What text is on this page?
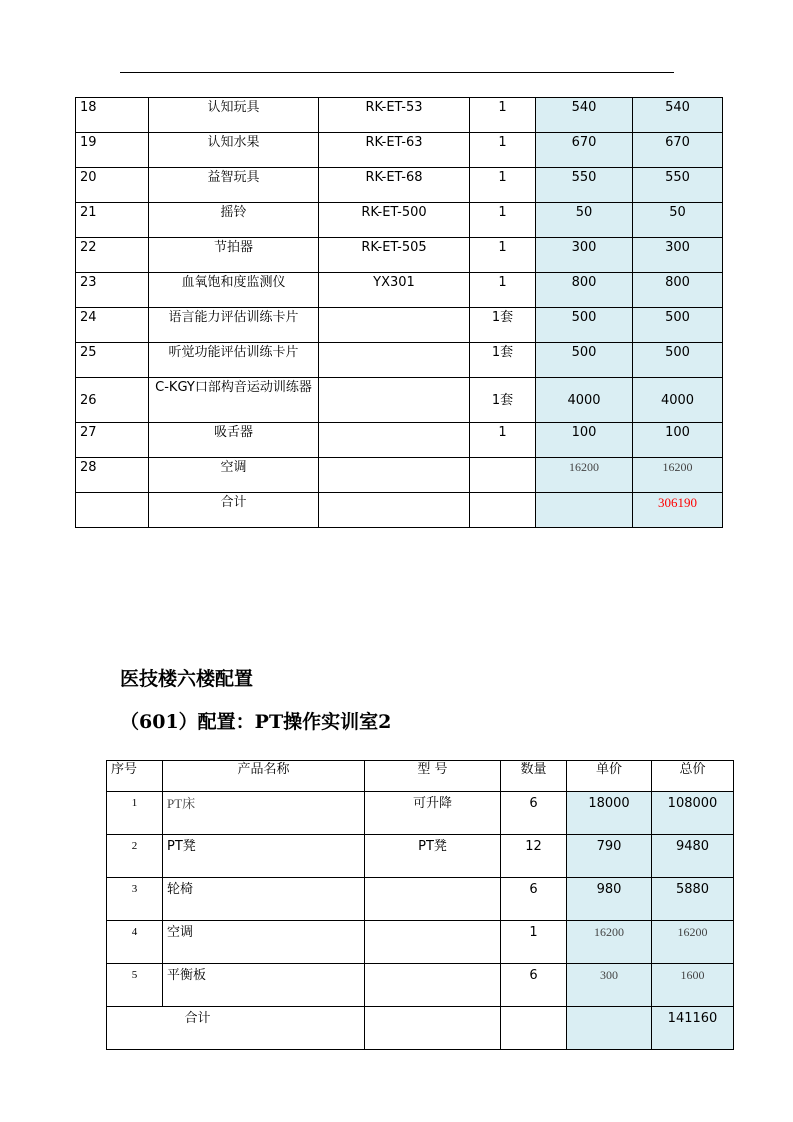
18	认知玩具	RK-ET-53	1	540	540
19	认知水果	RK-ET-63	1	670	670
20	益智玩具	RK-ET-68	1	550	550
21	摇铃	RK-ET-500	1	50	50
22	节拍器	RK-ET-505	1	300	300
23	血氧饱和度监测仪	YX301	1	800	800
24	语言能力评估训练卡片		1套	500	500
25	听觉功能评估训练卡片		1套	500	500
26	C-KGY口部构音运动训练器		1套	4000	4000
27	吸舌器		1	100	100
28	空调			16200	16200
	合计				306190
医技楼六楼配置
（601）配置：PT操作实训室2
序号	产品名称	型 号	数量	单价	总价
1	PT床	可升降	6	18000	108000
2	PT凳	PT凳	12	790	9480
3	轮椅		6	980	5880
4	空调		1	16200	16200
5	平衡板		6	300	1600
合计					141160
